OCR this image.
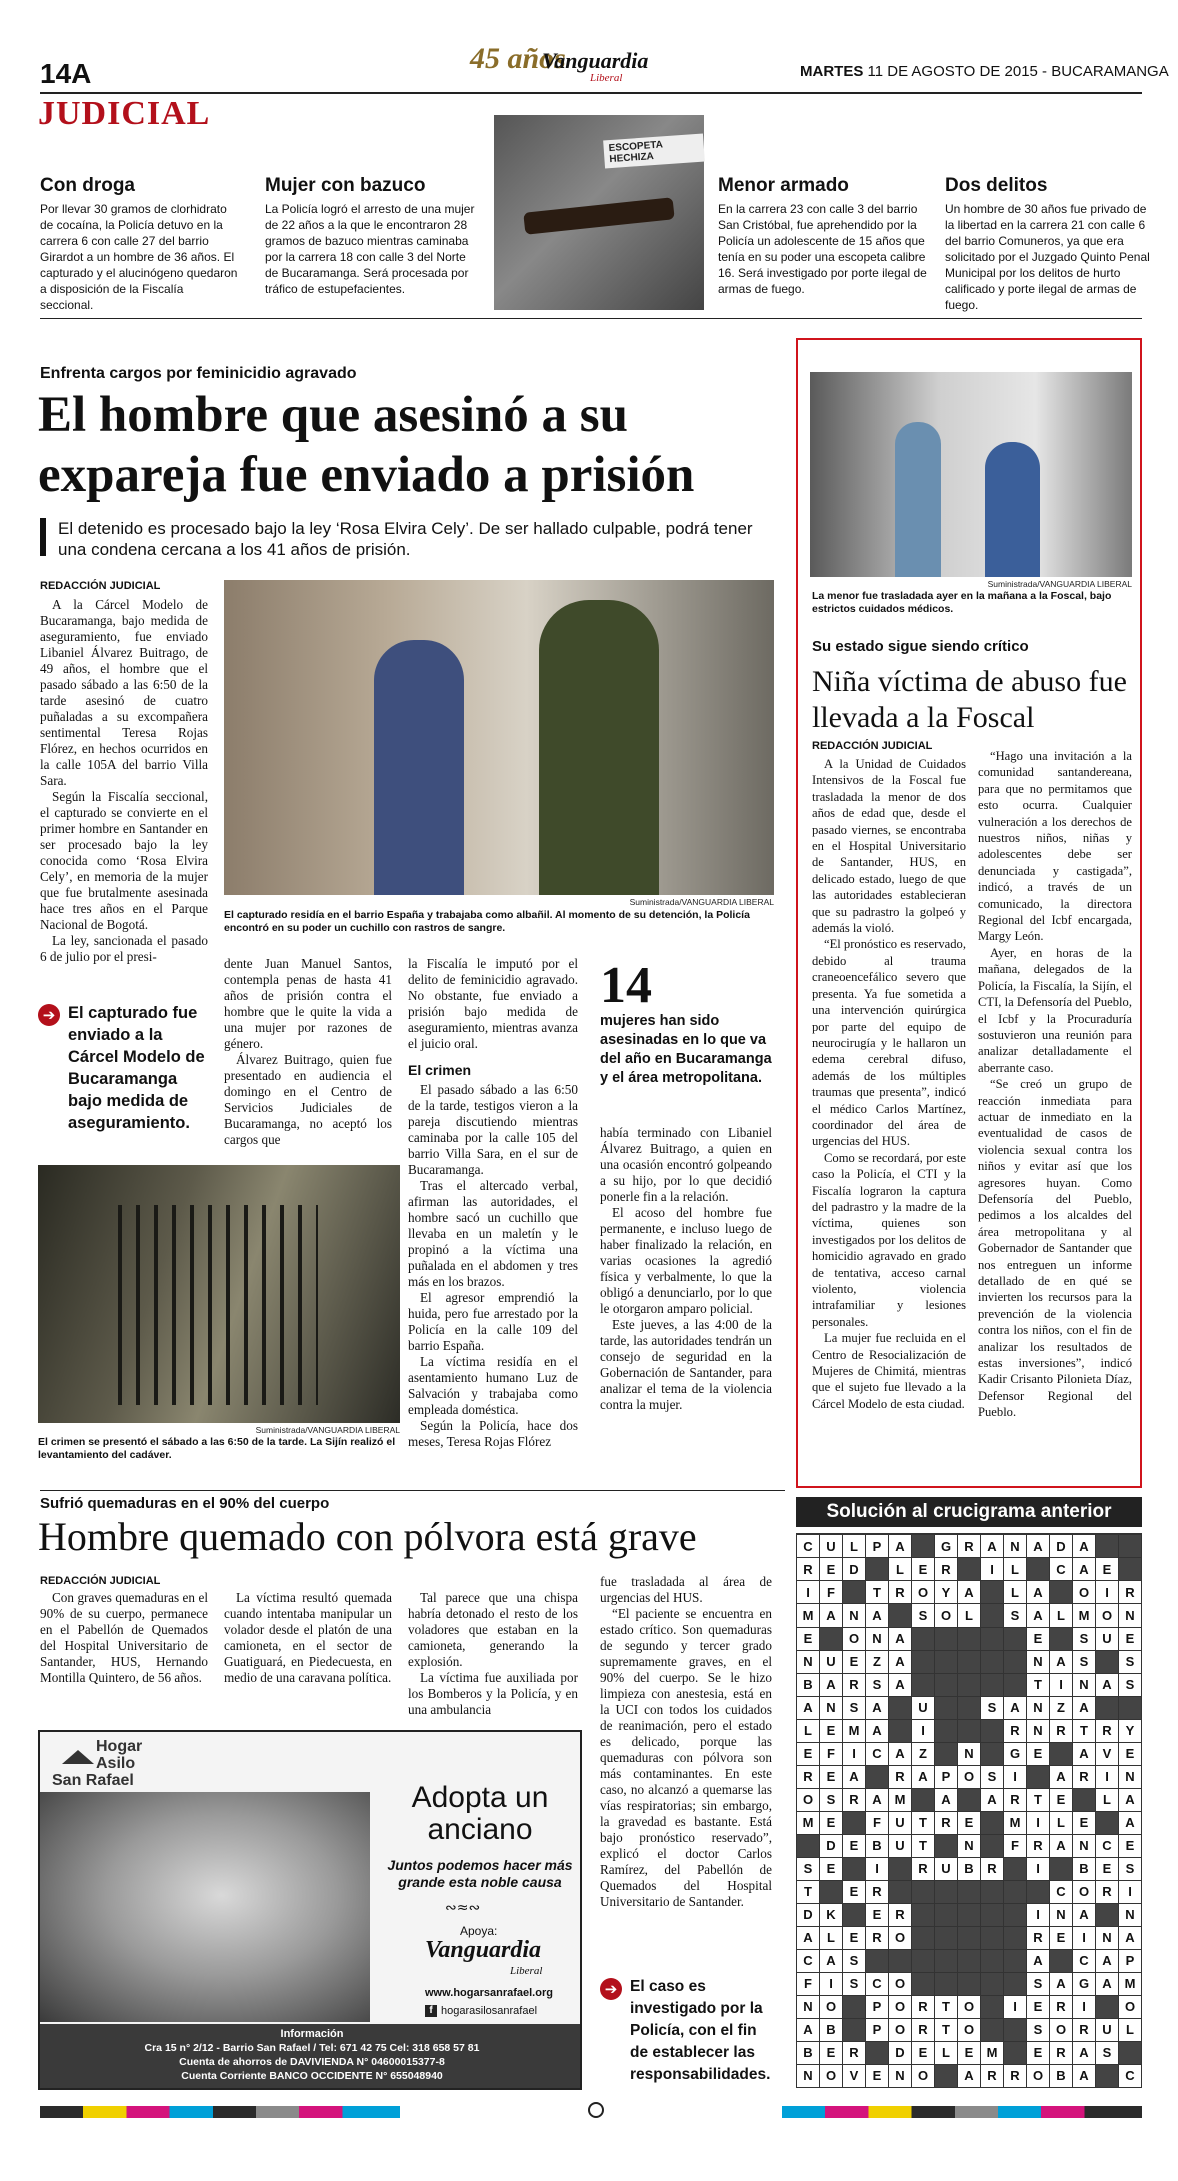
14A
JUDICIAL
45 años
Vanguardia
Liberal	MARTES 11 DE AGOSTO DE 2015 - BUCARAMANGA
Con droga

Por llevar 30 gramos de clorhidrato de cocaína, la Policía detuvo en la carrera 6 con calle 27 del barrio Girardot a un hombre de 36 años. El capturado y el alucinógeno quedaron a disposición de la Fiscalía seccional.

Mujer con bazuco

La Policía logró el arresto de una mujer de 22 años a la que le encontraron 28 gramos de bazuco mientras caminaba por la carrera 18 con calle 3 del Norte de Bucaramanga. Será procesada por tráfico de estupefacientes.

ESCOPETA HECHIZA
Menor armado

En la carrera 23 con calle 3 del barrio San Cristóbal, fue aprehendido por la Policía un adolescente de 15 años que tenía en su poder una escopeta calibre 16. Será investigado por porte ilegal de armas de fuego.

Dos delitos

Un hombre de 30 años fue privado de la libertad en la carrera 21 con calle 6 del barrio Comuneros, ya que era solicitado por el Juzgado Quinto Penal Municipal por los delitos de hurto calificado y porte ilegal de armas de fuego.

Enfrenta cargos por feminicidio agravado
El hombre que asesinó a su expareja fue enviado a prisión
El detenido es procesado bajo la ley ‘Rosa Elvira Cely’. De ser hallado culpable, podrá tener una condena cercana a los 41 años de prisión.
REDACCIÓN JUDICIAL

A la Cárcel Modelo de Bucaramanga, bajo medida de aseguramiento, fue enviado Libaniel Álvarez Buitrago, de 49 años, el hombre que el pasado sábado a las 6:50 de la tarde asesinó de cuatro puñaladas a su excompañera sentimental Teresa Rojas Flórez, en hechos ocurridos en la calle 105A del barrio Villa Sara.

Según la Fiscalía seccional, el capturado se convierte en el primer hombre en Santander en ser procesado bajo la ley conocida como ‘Rosa Elvira Cely’, en memoria de la mujer que fue brutalmente asesinada hace tres años en el Parque Nacional de Bogotá.

La ley, sancionada el pasado 6 de julio por el presi-

➔ El capturado fue enviado a la Cárcel Modelo de Bucaramanga bajo medida de aseguramiento.
Suministrada/VANGUARDIA LIBERAL
El capturado residía en el barrio España y trabajaba como albañil. Al momento de su detención, la Policía encontró en su poder un cuchillo con rastros de sangre.

dente Juan Manuel Santos, contempla penas de hasta 41 años de prisión contra el hombre que le quite la vida a una mujer por razones de género.

Álvarez Buitrago, quien fue presentado en audiencia el domingo en el Centro de Servicios Judiciales de Bucaramanga, no aceptó los cargos que

la Fiscalía le imputó por el delito de feminicidio agravado. No obstante, fue enviado a prisión bajo medida de aseguramiento, mientras avanza el juicio oral.

El crimen

El pasado sábado a las 6:50 de la tarde, testigos vieron a la pareja discutiendo mientras caminaba por la calle 105 del barrio Villa Sara, en el sur de Bucaramanga.

Tras el altercado verbal, afirman las autoridades, el hombre sacó un cuchillo que llevaba en un maletín y le propinó a la víctima una puñalada en el abdomen y tres más en los brazos.

El agresor emprendió la huida, pero fue arrestado por la Policía en la calle 109 del barrio España.

La víctima residía en el asentamiento humano Luz de Salvación y trabajaba como empleada doméstica.

Según la Policía, hace dos meses, Teresa Rojas Flórez

14
mujeres han sido asesinadas en lo que va del año en Bucaramanga y el área metropolitana.

había terminado con Libaniel Álvarez Buitrago, a quien en una ocasión encontró golpeando a su hijo, por lo que decidió ponerle fin a la relación.

El acoso del hombre fue permanente, e incluso luego de haber finalizado la relación, en varias ocasiones la agredió física y verbalmente, lo que la obligó a denunciarlo, por lo que le otorgaron amparo policial.

Este jueves, a las 4:00 de la tarde, las autoridades tendrán un consejo de seguridad en la Gobernación de Santander, para analizar el tema de la violencia contra la mujer.

Suministrada/VANGUARDIA LIBERAL
El crimen se presentó el sábado a las 6:50 de la tarde. La Sijín realizó el levantamiento del cadáver.
Suministrada/VANGUARDIA LIBERAL
La menor fue trasladada ayer en la mañana a la Foscal, bajo estrictos cuidados médicos.
Su estado sigue siendo crítico
Niña víctima de abuso fue llevada a la Foscal
REDACCIÓN JUDICIAL

A la Unidad de Cuidados Intensivos de la Foscal fue trasladada la menor de dos años de edad que, desde el pasado viernes, se encontraba en el Hospital Universitario de Santander, HUS, en delicado estado, luego de que las autoridades establecieran que su padrastro la golpeó y además la violó.

“El pronóstico es reservado, debido al trauma craneoencefálico severo que presenta. Ya fue sometida a una intervención quirúrgica por parte del equipo de neurocirugía y le hallaron un edema cerebral difuso, además de los múltiples traumas que presenta”, indicó el médico Carlos Martínez, coordinador del área de urgencias del HUS.

Como se recordará, por este caso la Policía, el CTI y la Fiscalía lograron la captura del padrastro y la madre de la víctima, quienes son investigados por los delitos de homicidio agravado en grado de tentativa, acceso carnal violento, violencia intrafamiliar y lesiones personales.

La mujer fue recluida en el Centro de Resocialización de Mujeres de Chimitá, mientras que el sujeto fue llevado a la Cárcel Modelo de esta ciudad.

“Hago una invitación a la comunidad santandereana, para que no permitamos que esto ocurra. Cualquier vulneración a los derechos de nuestros niños, niñas y adolescentes debe ser denunciada y castigada”, indicó, a través de un comunicado, la directora Regional del Icbf encargada, Margy León.

Ayer, en horas de la mañana, delegados de la Policía, la Fiscalía, la Sijín, el CTI, la Defensoría del Pueblo, el Icbf y la Procuraduría sostuvieron una reunión para analizar detalladamente el aberrante caso.

“Se creó un grupo de reacción inmediata para actuar de inmediato en la eventualidad de casos de violencia sexual contra los niños y evitar así que los agresores huyan. Como Defensoría del Pueblo, pedimos a los alcaldes del área metropolitana y al Gobernador de Santander que nos entreguen un informe detallado de en qué se invierten los recursos para la prevención de la violencia contra los niños, con el fin de analizar los resultados de estas inversiones”, indicó Kadir Crisanto Pilonieta Díaz, Defensor Regional del Pueblo.

Sufrió quemaduras en el 90% del cuerpo
Hombre quemado con pólvora está grave
REDACCIÓN JUDICIAL

Con graves quemaduras en el 90% de su cuerpo, permanece en el Pabellón de Quemados del Hospital Universitario de Santander, HUS, Hernando Montilla Quintero, de 56 años.

La víctima resultó quemada cuando intentaba manipular un volador desde el platón de una camioneta, en el sector de Guatiguará, en Piedecuesta, en medio de una caravana política.

Tal parece que una chispa habría detonado el resto de los voladores que estaban en la camioneta, generando la explosión.

La víctima fue auxiliada por los Bomberos y la Policía, y en una ambulancia

fue trasladada al área de urgencias del HUS.

“El paciente se encuentra en estado crítico. Son quemaduras de segundo y tercer grado supremamente graves, en el 90% del cuerpo. Se le hizo limpieza con anestesia, está en la UCI con todos los cuidados de reanimación, pero el estado es delicado, porque las quemaduras con pólvora son más contaminantes. En este caso, no alcanzó a quemarse las vías respiratorias; sin embargo, la gravedad es bastante. Está bajo pronóstico reservado”, explicó el doctor Carlos Ramírez, del Pabellón de Quemados del Hospital Universitario de Santander.

➔ El caso es investigado por la Policía, con el fin de establecer las responsabilidades.
Hogar
Asilo
San Rafael
Adopta un anciano
Juntos podemos hacer más grande esta noble causa
∾≈∾
Apoya:
Vanguardia
Liberal
www.hogarsanrafael.org
f hogarasilosanrafael
Información
Cra 15 n° 2/12 - Barrio San Rafael / Tel: 671 42 75 Cel: 318 658 57 81
Cuenta de ahorros de DAVIVIENDA N° 04600015377-8
Cuenta Corriente BANCO OCCIDENTE N° 655048940
Solución al crucigrama anterior

C	U	L	P	A		G	R	A	N	A	D	A		
R	E	D		L	E	R		I	L		C	A	E	
I	F		T	R	O	Y	A		L	A		O	I	R
M	A	N	A		S	O	L		S	A	L	M	O	N
E		O	N	A						E		S	U	E
N	U	E	Z	A						N	A	S		S
B	A	R	S	A						T	I	N	A	S
A	N	S	A		U			S	A	N	Z	A		
L	E	M	A		I				R	N	R	T	R	Y
E	F	I	C	A	Z		N		G	E		A	V	E
R	E	A		R	A	P	O	S	I		A	R	I	N
O	S	R	A	M		A		A	R	T	E		L	A
M	E		F	U	T	R	E		M	I	L	E		A
	D	E	B	U	T		N		F	R	A	N	C	E
S	E		I		R	U	B	R		I		B	E	S
T		E	R								C	O	R	I
D	K		E	R						I	N	A		N
A	L	E	R	O						R	E	I	N	A
C	A	S								A		C	A	P
F	I	S	C	O						S	A	G	A	M
N	O		P	O	R	T	O		I	E	R	I		O
A	B		P	O	R	T	O			S	O	R	U	L
B	E	R		D	E	L	E	M		E	R	A	S	
N	O	V	E	N	O		A	R	R	O	B	A		C
